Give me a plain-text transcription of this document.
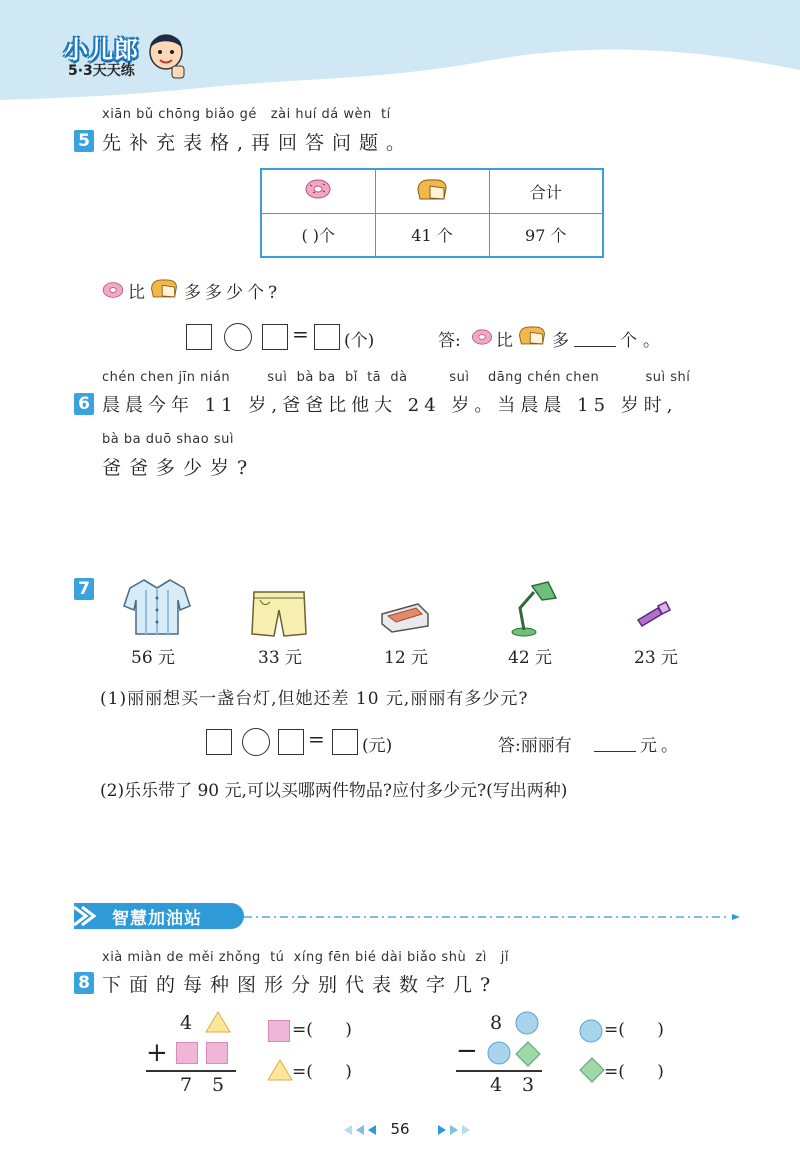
小儿郎
5·3天天练
xiān bǔ chōng biǎo gé   zài huí dá wèn  tí
5 先补充表格,再回答问题。
		合计
( )个	41 个	97 个
比 多多少个?
= (个)	答: 比 多	个。
chén chen jīn nián        suì  bà ba  bǐ  tā  dà         suì    dāng chén chen          suì shí
6 晨晨今年 11 岁,爸爸比他大 24 岁。当晨晨 15 岁时,
bà ba duō shao suì
爸爸多少岁?
7
56 元	33 元	12 元	42 元	23 元
(1)丽丽想买一盏台灯,但她还差 10 元,丽丽有多少元?
= (元)	答:丽丽有	元。
(2)乐乐带了 90 元,可以买哪两件物品?应付多少元?(写出两种)
智慧加油站
xià miàn de měi zhǒng  tú  xíng fēn bié dài biǎo shù  zì   jǐ
8 下面的每种图形分别代表数字几?
4
+
7 5
=(      )
=(      )
8
−
4 3
=(      )
=(      )
56
